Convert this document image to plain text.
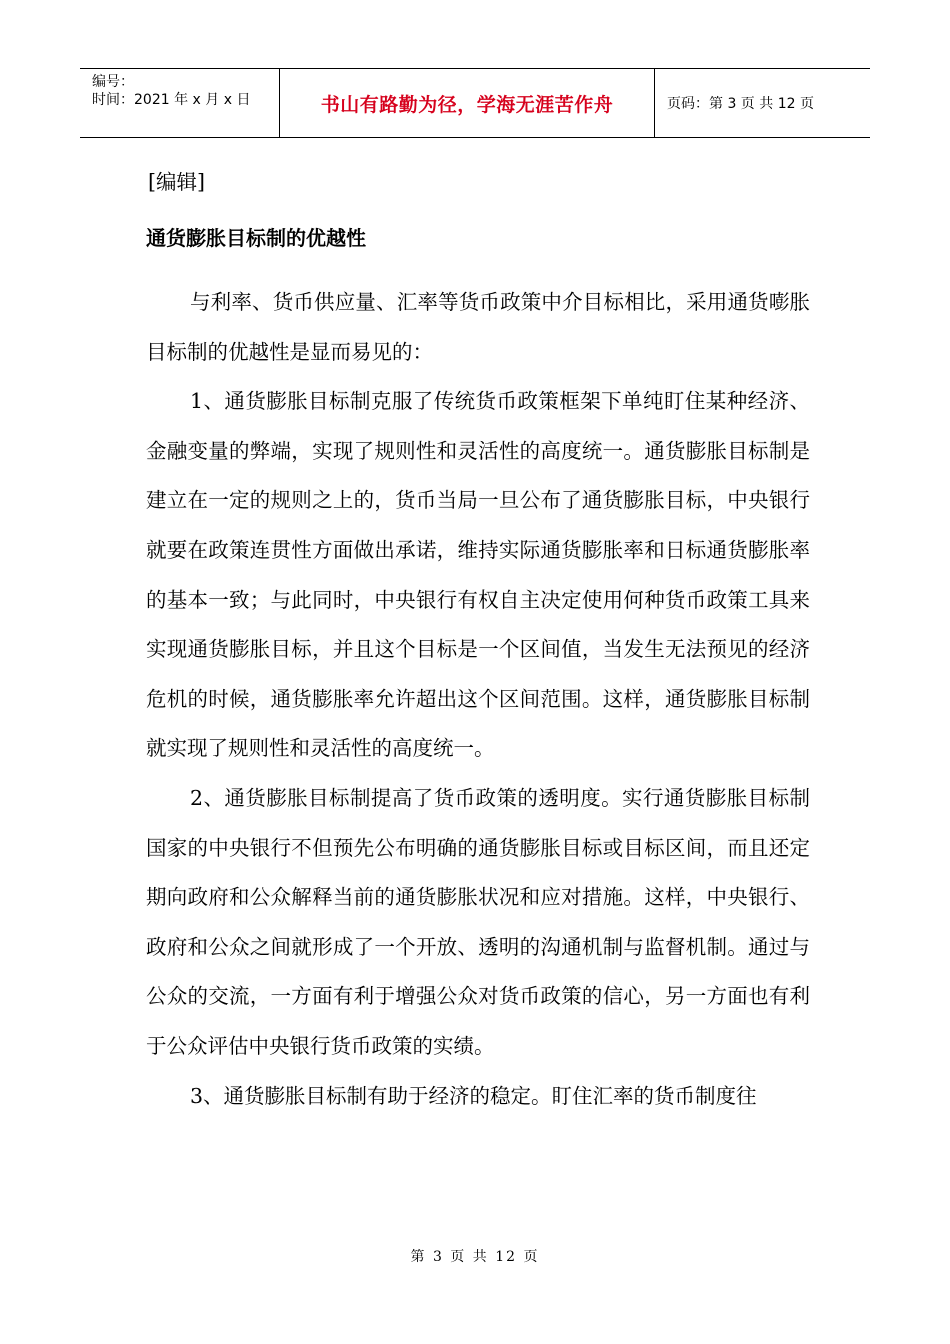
编号：
时间：2021 年 x 月 x 日	书山有路勤为径，学海无涯苦作舟	页码：第 3 页 共 12 页
[编辑]
通货膨胀目标制的优越性

与利率、货币供应量、汇率等货币政策中介目标相比，采用通货嘭胀目标制的优越性是显而易见的：

1、通货膨胀目标制克服了传统货币政策框架下单纯盯住某种经济、金融变量的弊端，实现了规则性和灵活性的高度统一。通货膨胀目标制是建立在一定的规则之上的，货币当局一旦公布了通货膨胀目标，中央银行就要在政策连贯性方面做出承诺，维持实际通货膨胀率和日标通货膨胀率的基本一致；与此同时，中央银行有权自主决定使用何种货币政策工具来实现通货膨胀目标，并且这个目标是一个区间值，当发生无法预见的经济危机的时候，通货膨胀率允许超出这个区间范围。这样，通货膨胀目标制就实现了规则性和灵活性的高度统一。

2、通货膨胀目标制提高了货币政策的透明度。实行通货膨胀目标制国家的中央银行不但预先公布明确的通货膨胀目标或目标区间，而且还定期向政府和公众解释当前的通货膨胀状况和应对措施。这样，中央银行、政府和公众之间就形成了一个开放、透明的沟通机制与监督机制。通过与公众的交流，一方面有利于增强公众对货币政策的信心，另一方面也有利于公众评估中央银行货币政策的实绩。

3、通货膨胀目标制有助于经济的稳定。盯住汇率的货币制度往

第 3 页 共 12 页
